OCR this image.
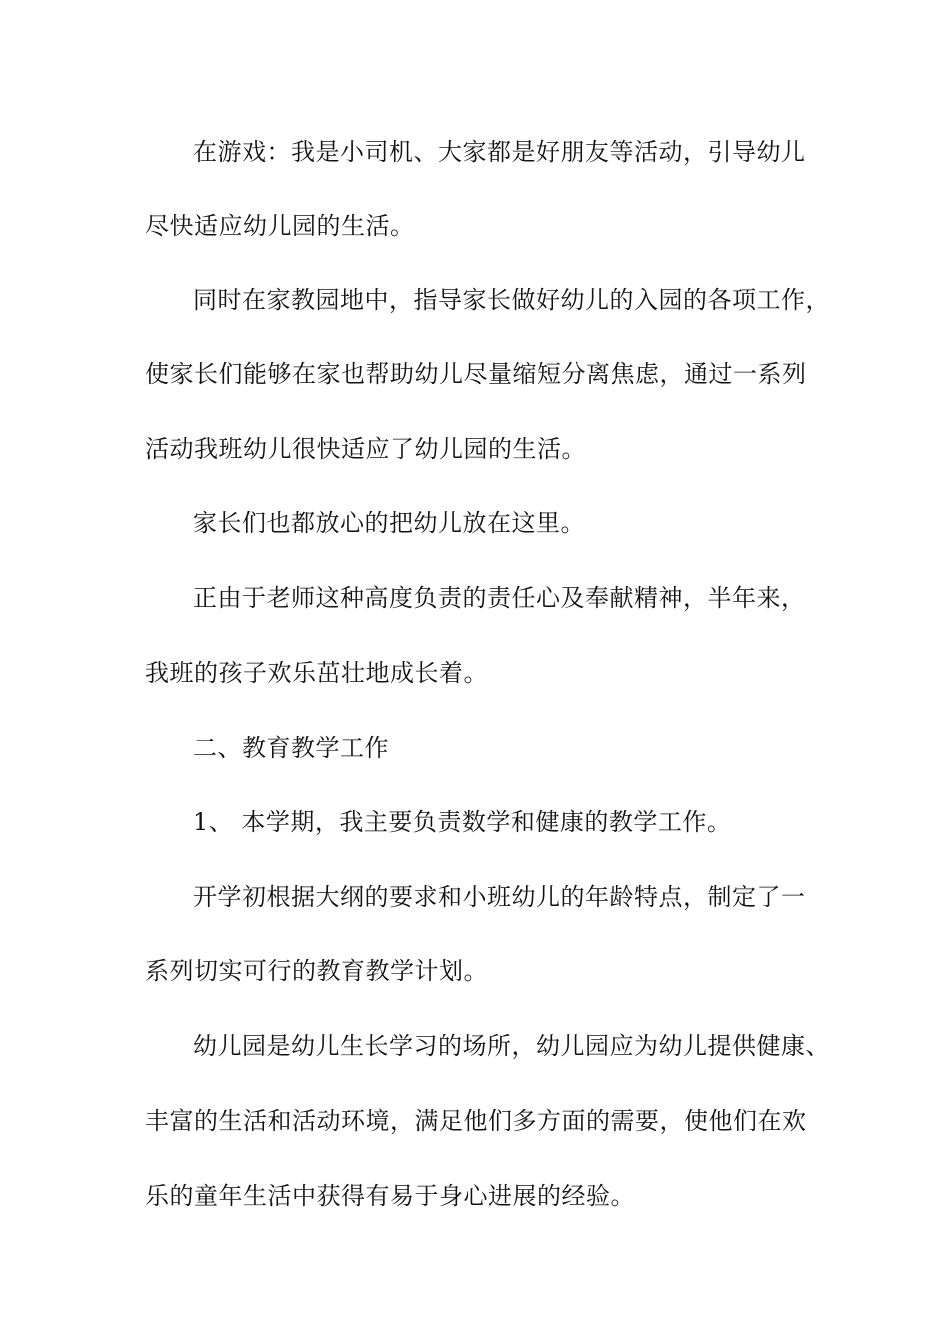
在游戏：我是小司机、大家都是好朋友等活动，引导幼儿
尽快适应幼儿园的生活。
同时在家教园地中，指导家长做好幼儿的入园的各项工作，
使家长们能够在家也帮助幼儿尽量缩短分离焦虑，通过一系列
活动我班幼儿很快适应了幼儿园的生活。
家长们也都放心的把幼儿放在这里。
正由于老师这种高度负责的责任心及奉献精神，半年来，
我班的孩子欢乐茁壮地成长着。
二、教育教学工作
1、 本学期，我主要负责数学和健康的教学工作。
开学初根据大纲的要求和小班幼儿的年龄特点，制定了一
系列切实可行的教育教学计划。
幼儿园是幼儿生长学习的场所，幼儿园应为幼儿提供健康、
丰富的生活和活动环境，满足他们多方面的需要，使他们在欢
乐的童年生活中获得有易于身心进展的经验。
